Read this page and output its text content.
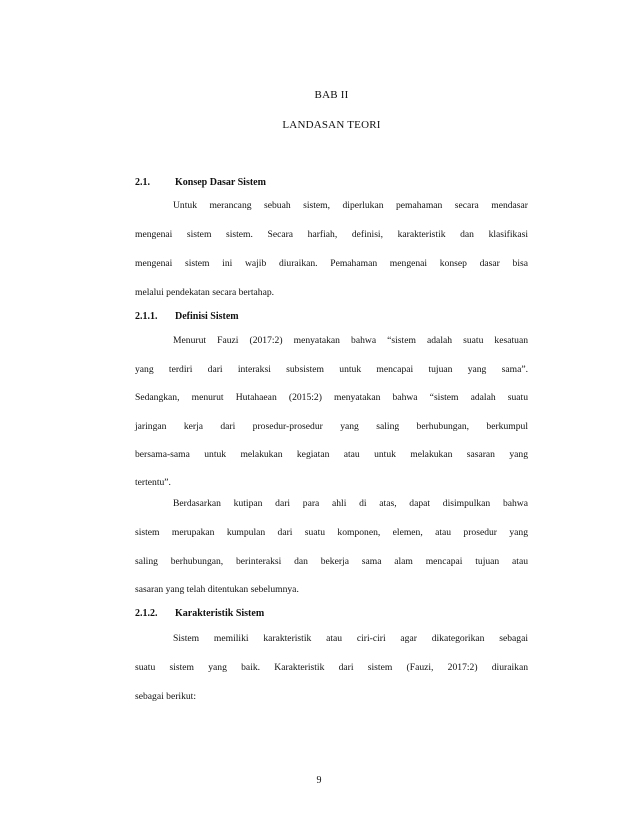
BAB II
LANDASAN TEORI
2.1.	Konsep Dasar Sistem
Untuk merancang sebuah sistem, diperlukan pemahaman secara mendasar
mengenai sistem sistem. Secara harfiah, definisi, karakteristik dan klasifikasi
mengenai sistem ini wajib diuraikan. Pemahaman mengenai konsep dasar bisa
melalui pendekatan secara bertahap.
2.1.1. Definisi Sistem
Menurut Fauzi (2017:2) menyatakan bahwa “sistem adalah suatu kesatuan
yang terdiri dari interaksi subsistem untuk mencapai tujuan yang sama”.
Sedangkan, menurut Hutahaean (2015:2) menyatakan bahwa “sistem adalah suatu
jaringan kerja dari prosedur-prosedur yang saling berhubungan, berkumpul
bersama-sama untuk melakukan kegiatan atau untuk melakukan sasaran yang
tertentu”.
Berdasarkan kutipan dari para ahli di atas, dapat disimpulkan bahwa
sistem merupakan kumpulan dari suatu komponen, elemen, atau prosedur yang
saling berhubungan, berinteraksi dan bekerja sama alam mencapai tujuan atau
sasaran yang telah ditentukan sebelumnya.
2.1.2. Karakteristik Sistem
Sistem memiliki karakteristik atau ciri-ciri agar dikategorikan sebagai
suatu sistem yang baik. Karakteristik dari sistem (Fauzi, 2017:2) diuraikan
sebagai berikut:
9
